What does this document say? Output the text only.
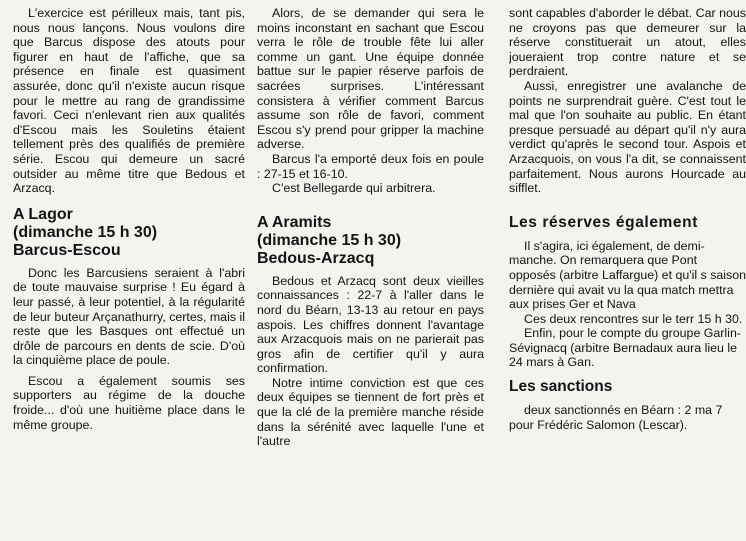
L'exercice est périlleux mais, tant pis, nous nous lançons. Nous voulons dire que Barcus dispose des atouts pour figurer en haut de l'affiche, que sa présence en finale est quasiment assurée, donc qu'il n'existe aucun risque pour le mettre au rang de grandissime favori. Ceci n'enlevant rien aux qualités d'Escou mais les Souletins étaient tellement près des qualifiés de première série. Escou qui demeure un sacré outsider au même titre que Bedous et Arzacq.

A Lagor
(dimanche 15 h 30)
Barcus-Escou

Donc les Barcusiens seraient à l'abri de toute mauvaise surprise ! Eu égard à leur passé, à leur potentiel, à la régularité de leur buteur Arçanathurry, certes, mais il reste que les Basques ont effectué un drôle de parcours en dents de scie. D'où la cinquième place de poule.

Escou a également soumis ses supporters au régime de la douche froide... d'où une huitième place dans le même groupe.

Alors, de se demander qui sera le moins inconstant en sachant que Escou verra le rôle de trouble fête lui aller comme un gant. Une équipe donnée battue sur le papier réserve parfois de sacrées surprises. L'intéressant consistera à vérifier comment Barcus assume son rôle de favori, comment Escou s'y prend pour gripper la machine adverse.

Barcus l'a emporté deux fois en poule : 27-15 et 16-10.

C'est Bellegarde qui arbitrera.

A Aramits
(dimanche 15 h 30)
Bedous-Arzacq

Bedous et Arzacq sont deux vieilles connaissances : 22-7 à l'aller dans le nord du Béarn, 13-13 au retour en pays aspois. Les chiffres donnent l'avantage aux Arzacquois mais on ne parierait pas gros afin de certifier qu'il y aura confirmation.

Notre intime conviction est que ces deux équipes se tiennent de fort près et que la clé de la première manche réside dans la sérénité avec laquelle l'une et l'autre

sont capables d'aborder le débat. Car nous ne croyons pas que demeurer sur la réserve constituerait un atout, elles joueraient trop contre nature et se perdraient.

Aussi, enregistrer une avalanche de points ne surprendrait guère. C'est tout le mal que l'on souhaite au public. En étant presque persuadé au départ qu'il n'y aura verdict qu'après le second tour. Aspois et Arzacquois, on vous l'a dit, se connaissent parfaitement. Nous aurons Hourcade au sifflet.

Les réserves également

Il s'agira, ici également, de demi-manche. On remarquera que Pont opposés (arbitre Laffargue) et qu'il s saison dernière qui avait vu la qua match mettra aux prises Ger et Nava

Ces deux rencontres sur le terr 15 h 30.

Enfin, pour le compte du groupe Garlin-Sévignacq (arbitre Bernadaux aura lieu le 24 mars à Gan.

Les sanctions

deux sanctionnés en Béarn : 2 ma 7 pour Frédéric Salomon (Lescar).
